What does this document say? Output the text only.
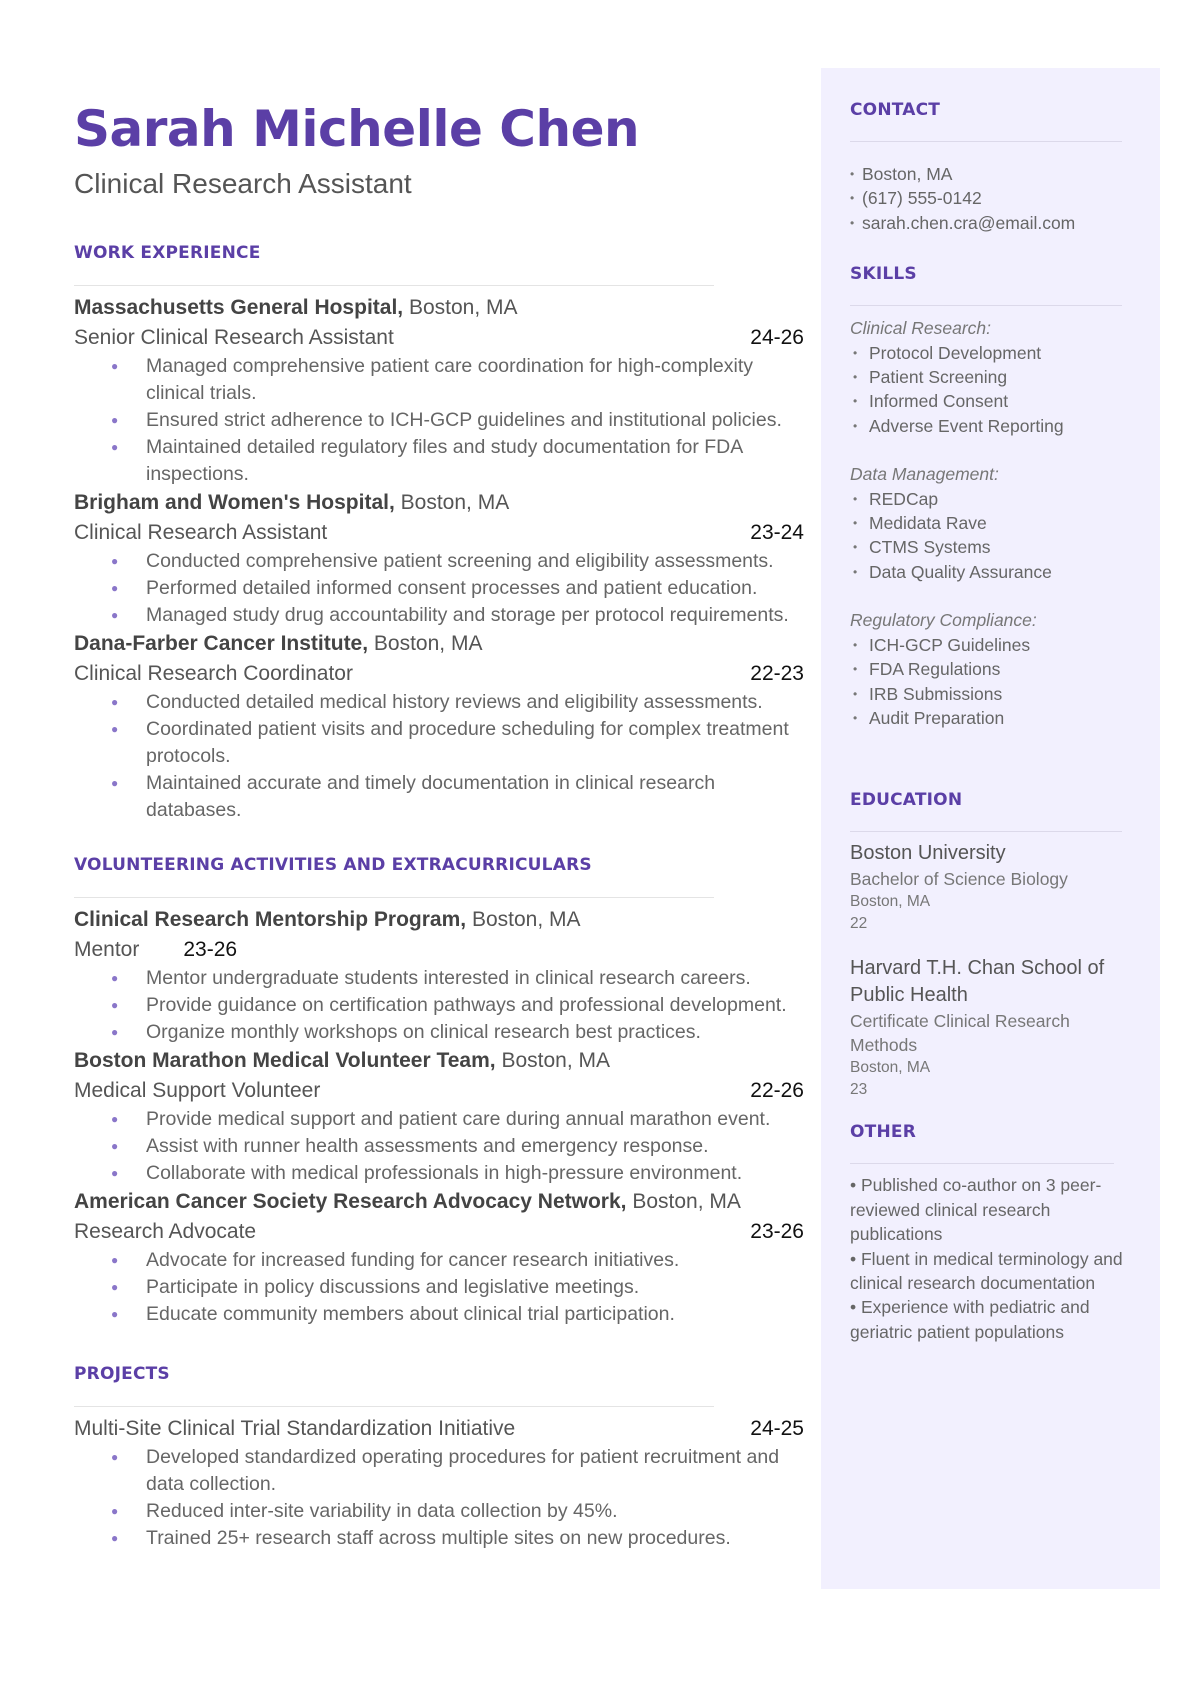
Sarah Michelle Chen
Clinical Research Assistant
WORK EXPERIENCE
Massachusetts General Hospital, Boston, MA
Senior Clinical Research Assistant	24-26
● Managed comprehensive patient care coordination for high-complexity clinical trials.
● Ensured strict adherence to ICH-GCP guidelines and institutional policies.
● Maintained detailed regulatory files and study documentation for FDA inspections.
Brigham and Women's Hospital, Boston, MA
Clinical Research Assistant	23-24
● Conducted comprehensive patient screening and eligibility assessments.
● Performed detailed informed consent processes and patient education.
● Managed study drug accountability and storage per protocol requirements.
Dana-Farber Cancer Institute, Boston, MA
Clinical Research Coordinator	22-23
● Conducted detailed medical history reviews and eligibility assessments.
● Coordinated patient visits and procedure scheduling for complex treatment protocols.
● Maintained accurate and timely documentation in clinical research databases.
VOLUNTEERING ACTIVITIES AND EXTRACURRICULARS
Clinical Research Mentorship Program, Boston, MA
Mentor 23-26
● Mentor undergraduate students interested in clinical research careers.
● Provide guidance on certification pathways and professional development.
● Organize monthly workshops on clinical research best practices.
Boston Marathon Medical Volunteer Team, Boston, MA
Medical Support Volunteer	22-26
● Provide medical support and patient care during annual marathon event.
● Assist with runner health assessments and emergency response.
● Collaborate with medical professionals in high-pressure environment.
American Cancer Society Research Advocacy Network, Boston, MA
Research Advocate	23-26
● Advocate for increased funding for cancer research initiatives.
● Participate in policy discussions and legislative meetings.
● Educate community members about clinical trial participation.
PROJECTS
Multi-Site Clinical Trial Standardization Initiative	24-25
● Developed standardized operating procedures for patient recruitment and data collection.
● Reduced inter-site variability in data collection by 45%.
● Trained 25+ research staff across multiple sites on new procedures.
CONTACT
• Boston, MA
• (617) 555-0142
• sarah.chen.cra@email.com
SKILLS
Clinical Research:
• Protocol Development
• Patient Screening
• Informed Consent
• Adverse Event Reporting
Data Management:
• REDCap
• Medidata Rave
• CTMS Systems
• Data Quality Assurance
Regulatory Compliance:
• ICH-GCP Guidelines
• FDA Regulations
• IRB Submissions
• Audit Preparation
EDUCATION
Boston University
Bachelor of Science Biology
Boston, MA
22
Harvard T.H. Chan School of Public Health
Certificate Clinical Research Methods
Boston, MA
23
OTHER
• Published co-author on 3 peer-reviewed clinical research publications
• Fluent in medical terminology and clinical research documentation
• Experience with pediatric and geriatric patient populations
